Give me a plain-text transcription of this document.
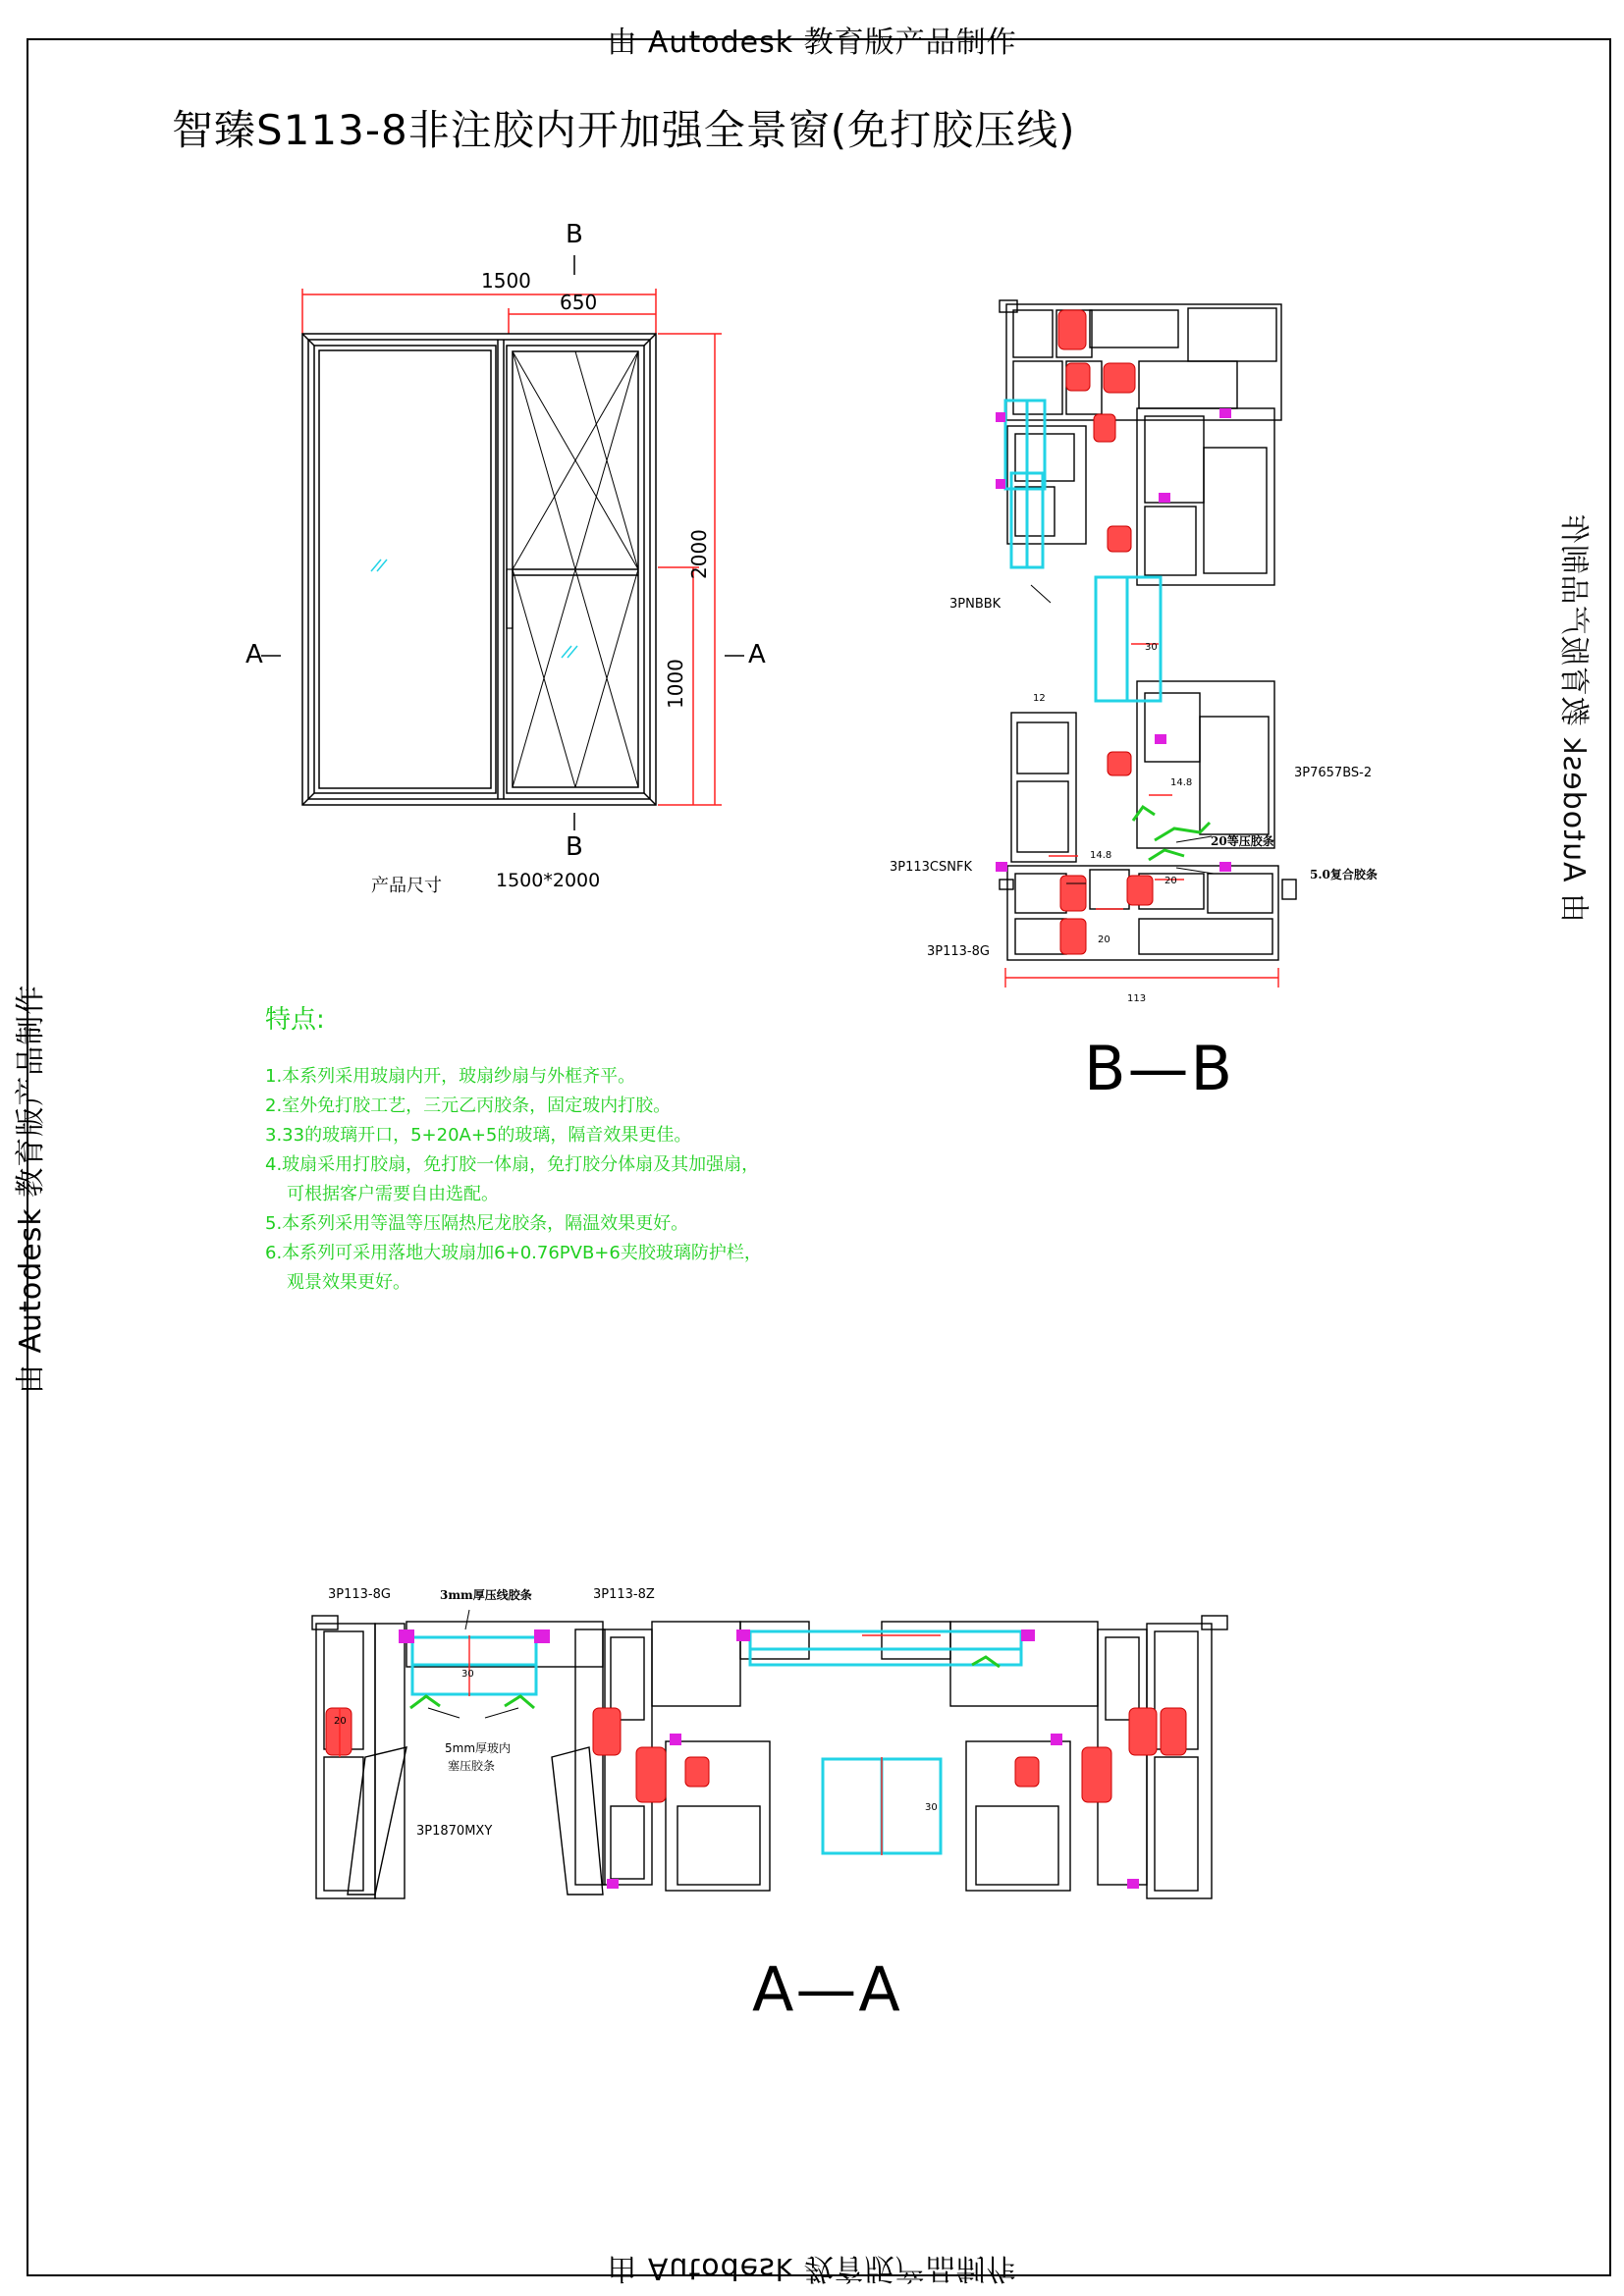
由 Autodesk 教育版产品制作
由 Autodesk 教育版产品制作
由 Autodesk 教育版产品制作
由 Autodesk 教育版产品制作
智臻S113-8非注胶内开加强全景窗(免打胶压线)
1500
650
2000
1000
B
B
A	A
产品尺寸	1500*2000
3PNBBK
3P7657BS-2
3P113CSNFK
3P113-8G
20等压胶条
5.0复合胶条
113
14.8
14.8
20
20
30
12
B—B
特点:
1.本系列采用玻扇内开，玻扇纱扇与外框齐平。
2.室外免打胶工艺，三元乙丙胶条，固定玻内打胶。
3.33的玻璃开口，5+20A+5的玻璃，隔音效果更佳。
4.玻扇采用打胶扇，免打胶一体扇，免打胶分体扇及其加强扇，
可根据客户需要自由选配。
5.本系列采用等温等压隔热尼龙胶条，隔温效果更好。
6.本系列可采用落地大玻扇加6+0.76PVB+6夹胶玻璃防护栏，
观景效果更好。
3P113-8G	3mm厚压线胶条	3P113-8Z
5mm厚玻内
塞压胶条
3P1870MXY
30
30
20
A—A
